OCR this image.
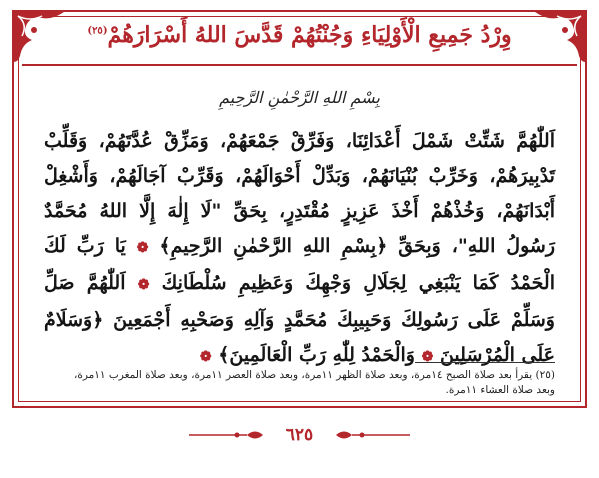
وِرْدُ جَمِيعِ الْأَوْلِيَاءِ وَجُنْتُهُمْ قَدَّسَ اللهُ أَسْرَارَهُمْ$^{(٢٥)}$
بِسْمِ اللهِ الرَّحْمٰنِ الرَّحِيمِ
اَللّٰهُمَّ شَتِّتْ شَمْلَ أَعْدَائِنَا، وَفَرِّقْ جَمْعَهُمْ، وَمَزِّقْ عُدَّتَهُمْ، وَقَلِّبْ تَدْبِيرَهُمْ، وَخَرِّبْ بُنْيَانَهُمْ، وَبَدِّلْ أَحْوَالَهُمْ، وَقَرِّبْ آجَالَهُمْ، وَأَشْغِلْ أَبْدَانَهُمْ، وَخُذْهُمْ أَخْذَ عَزِيزٍ مُقْتَدِرٍ، بِحَقِّ "لَا إِلٰهَ إِلَّا اللهُ مُحَمَّدٌ رَسُولُ اللهِ"، وَبِحَقِّ ﴿بِسْمِ اللهِ الرَّحْمٰنِ الرَّحِيمِ﴾ ❁ يَا رَبِّ لَكَ الْحَمْدُ كَمَا يَنْبَغِي لِجَلَالِ وَجْهِكَ وَعَظِيمِ سُلْطَانِكَ ❁ اَللّٰهُمَّ صَلِّ وَسَلِّمْ عَلَى رَسُولِكَ وَحَبِيبِكَ مُحَمَّدٍ وَآلِهِ وَصَحْبِهِ أَجْمَعِينَ ﴿وَسَلَامٌ عَلَى الْمُرْسَلِينَ ❁ وَالْحَمْدُ لِلّٰهِ رَبِّ الْعَالَمِينَ﴾ ❁
(٢٥) يقرأ بعد صلاة الصبح ١٤مرة، وبعد صلاة الظهر ١١مرة، وبعد صلاة العصر ١١مرة، وبعد صلاة المغرب ١١مرة،
وبعد صلاة العشاء ١١مرة.
٦٢٥
